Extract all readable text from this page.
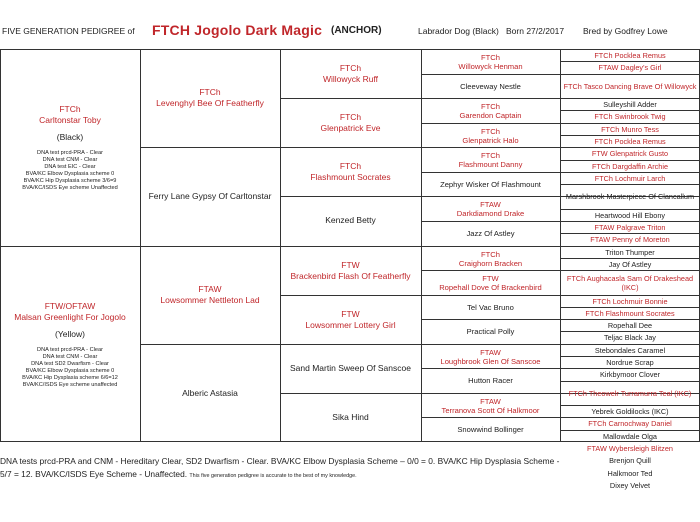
FIVE GENERATION PEDIGREE of FTCH Jogolo Dark Magic (ANCHOR)	Labrador Dog (Black) Born 27/2/2017 Bred by Godfrey Lowe
FTCh
Carltonstar Toby
(Black)
DNA test prcd-PRA - Clear
DNA test CNM - Clear
DNA test EIC - Clear
BVA/KC Elbow Dysplasia scheme 0
BVA/KC Hip Dysplasia scheme 3/6=9
BVA/KC/ISDS Eye scheme Unaffected
FTW/OFTAW
Malsan Greenlight For Jogolo
(Yellow)
DNA test prcd-PRA - Clear
DNA test CNM - Clear
DNA test SD2 Dwarfism - Clear
BVA/KC Elbow Dysplasia scheme 0
BVA/KC Hip Dysplasia scheme 6/6=12
BVA/KC/ISDS Eye scheme unaffected
FTCh
Levenghyl Bee Of Featherfly
Ferry Lane Gypsy Of Carltonstar
FTAW
Lowsommer Nettleton Lad
Alberic Astasia
FTCh
Willowyck Ruff
FTCh
Glenpatrick Eve
FTCh
Flashmount Socrates
Kenzed Betty
FTW
Brackenbird Flash Of Featherfly
FTW
Lowsommer Lottery Girl
Sand Martin Sweep Of Sanscoe
Sika Hind
FTCh
Willowyck Henman
Cleeveway Nestle
FTCh
Garendon Captain
FTCh
Glenpatrick Halo
FTCh
Flashmount Danny
Zephyr Wisker Of Flashmount
FTAW
Darkdiamond Drake
Jazz Of Astley
FTCh
Craighorn Bracken
FTW
Ropehall Dove Of Brackenbird
Tel Vac Bruno
Practical Polly
FTAW
Loughbrook Glen Of Sanscoe
Hutton Racer
FTAW
Terranova Scott Of Halkmoor
Snowwind Bollinger
FTCh Pocklea Remus
FTAW Dagley's Girl
FTCh Tasco Dancing Brave Of Willowyck
Sulleyshill Adder
FTCh Swinbrook Twig
FTCh Munro Tess
FTCh Pocklea Remus
FTW Glenpatrick Gusto
FTCh Dargdaffin Archie
FTCh Lochmuir Larch
Marshbrook Masterpiece Of Clancallum
Heartwood Hill Ebony
FTAW Palgrave Triton
FTAW Penny of Moreton
Triton Thumper
Jay Of Astley
FTCh Aughacasla Sam Of Drakeshead (IKC)
FTCh Lochmuir Bonnie
FTCh Flashmount Socrates
Ropehall Dee
Teljac Black Jay
Stebondales Caramel
Nordrue Scrap
Kirkbymoor Clover
FTCh Theowelr Turramurra Teal (IKC)
Yebrek Goldilocks (IKC)
FTCh Carnochway Daniel
Mallowdale Olga
FTAW Wybersleigh Blitzen
Brenjon Quill
Halkmoor Ted
Dixey Velvet
DNA tests prcd-PRA and CNM - Hereditary Clear, SD2 Dwarfism - Clear. BVA/KC Elbow Dysplasia Scheme – 0/0 = 0. BVA/KC Hip Dysplasia Scheme -
5/7 = 12. BVA/KC/ISDS Eye Scheme - Unaffected. This five generation pedigree is accurate to the best of my knowledge.
